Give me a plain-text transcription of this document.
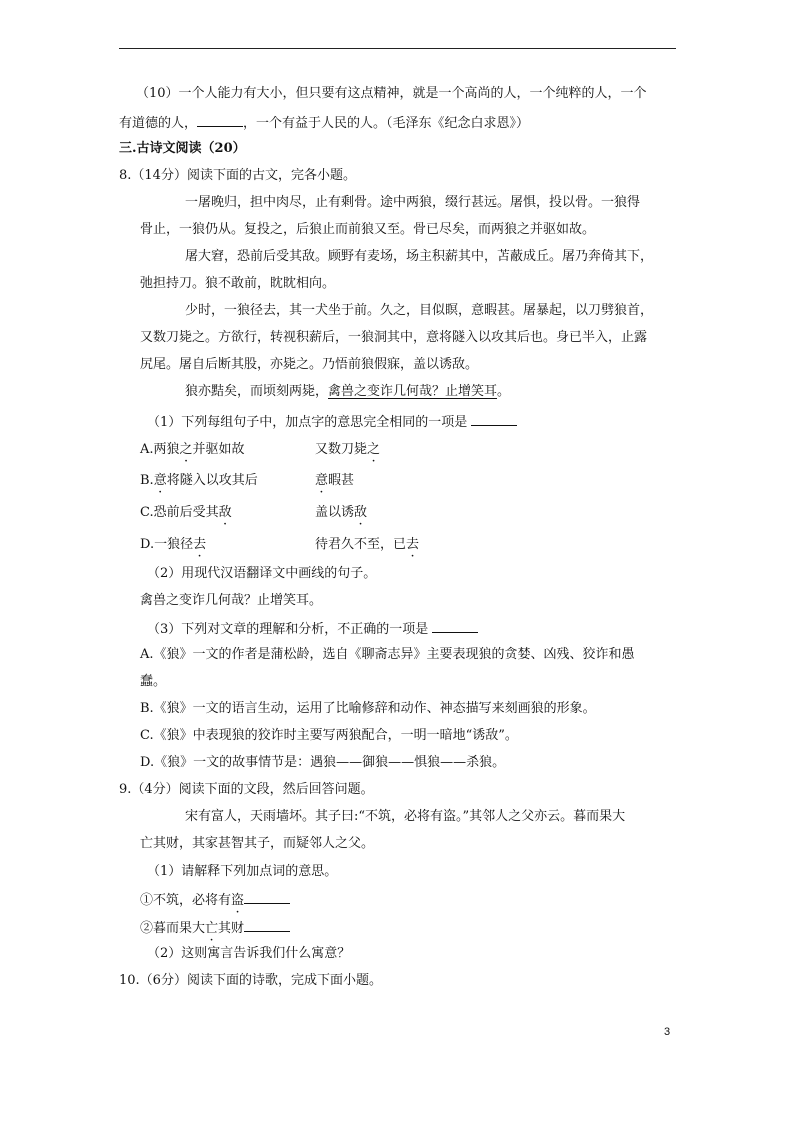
（10）一个人能力有大小，但只要有这点精神，就是一个高尚的人，一个纯粹的人，一个
有道德的人，	，一个有益于人民的人。（毛泽东《纪念白求恩》）
三.古诗文阅读（20）
8.（14分）阅读下面的古文，完各小题。
一屠晚归，担中肉尽，止有剩骨。途中两狼，缀行甚远。屠惧，投以骨。一狼得
骨止，一狼仍从。复投之，后狼止而前狼又至。骨已尽矣，而两狼之并驱如故。
屠大窘，恐前后受其敌。顾野有麦场，场主积薪其中，苫蔽成丘。屠乃奔倚其下，
弛担持刀。狼不敢前，眈眈相向。
少时，一狼径去，其一犬坐于前。久之，目似瞑，意暇甚。屠暴起，以刀劈狼首，
又数刀毙之。方欲行，转视积薪后，一狼洞其中，意将隧入以攻其后也。身已半入，止露
尻尾。屠自后断其股，亦毙之。乃悟前狼假寐，盖以诱敌。
狼亦黠矣，而顷刻两毙，禽兽之变诈几何哉？止增笑耳。
（1）下列每组句子中，加点字的意思完全相同的一项是
A.两狼之并驱如故	又数刀毙之
B.意将隧入以攻其后	意暇甚
C.恐前后受其敌	盖以诱敌
D.一狼径去	待君久不至，已去
（2）用现代汉语翻译文中画线的句子。
禽兽之变诈几何哉？止增笑耳。
（3）下列对文章的理解和分析，不正确的一项是
A.《狼》一文的作者是蒲松龄，选自《聊斋志异》主要表现狼的贪婪、凶残、狡诈和愚
蠢。
B.《狼》一文的语言生动，运用了比喻修辞和动作、神态描写来刻画狼的形象。
C.《狼》中表现狼的狡诈时主要写两狼配合，一明一暗地“诱敌”。
D.《狼》一文的故事情节是：遇狼——御狼——惧狼——杀狼。
9.（4分）阅读下面的文段，然后回答问题。
宋有富人，天雨墙坏。其子曰:“不筑，必将有盗。”其邻人之父亦云。暮而果大
亡其财，其家甚智其子，而疑邻人之父。
（1）请解释下列加点词的意思。
①不筑，必将有盗
②暮而果大亡其财
（2）这则寓言告诉我们什么寓意？
10.（6分）阅读下面的诗歌，完成下面小题。
3
